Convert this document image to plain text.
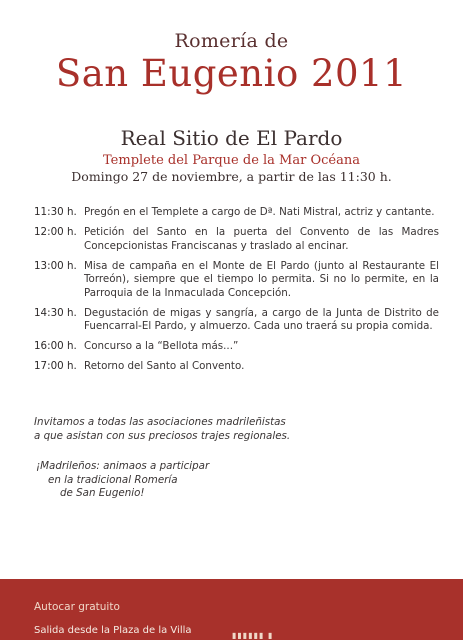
Romería de
San Eugenio 2011
Real Sitio de El Pardo
Templete del Parque de la Mar Océana
Domingo 27 de noviembre, a partir de las 11:30 h.
11:30 h. Pregón en el Templete a cargo de Dª. Nati Mistral, actriz y cantante.
12:00 h. Petición del Santo en la puerta del Convento de las Madres Concepcionistas Franciscanas y traslado al encinar.
13:00 h. Misa de campaña en el Monte de El Pardo (junto al Restaurante El Torreón), siempre que el tiempo lo permita. Si no lo permite, en la Parroquia de la Inmaculada Concepción.
14:30 h. Degustación de migas y sangría, a cargo de la Junta de Distrito de Fuencarral-El Pardo, y almuerzo. Cada uno traerá su propia comida.
16:00 h. Concurso a la “Bellota más...”
17:00 h. Retorno del Santo al Convento.
Invitamos a todas las asociaciones madrileñistas
a que asistan con sus preciosos trajes regionales.
¡Madrileños: animaos a participar
en la tradicional Romería
de San Eugenio!
Autocar gratuito
Salida desde la Plaza de la Villa	▮▮▮▮▮▮ ▮
